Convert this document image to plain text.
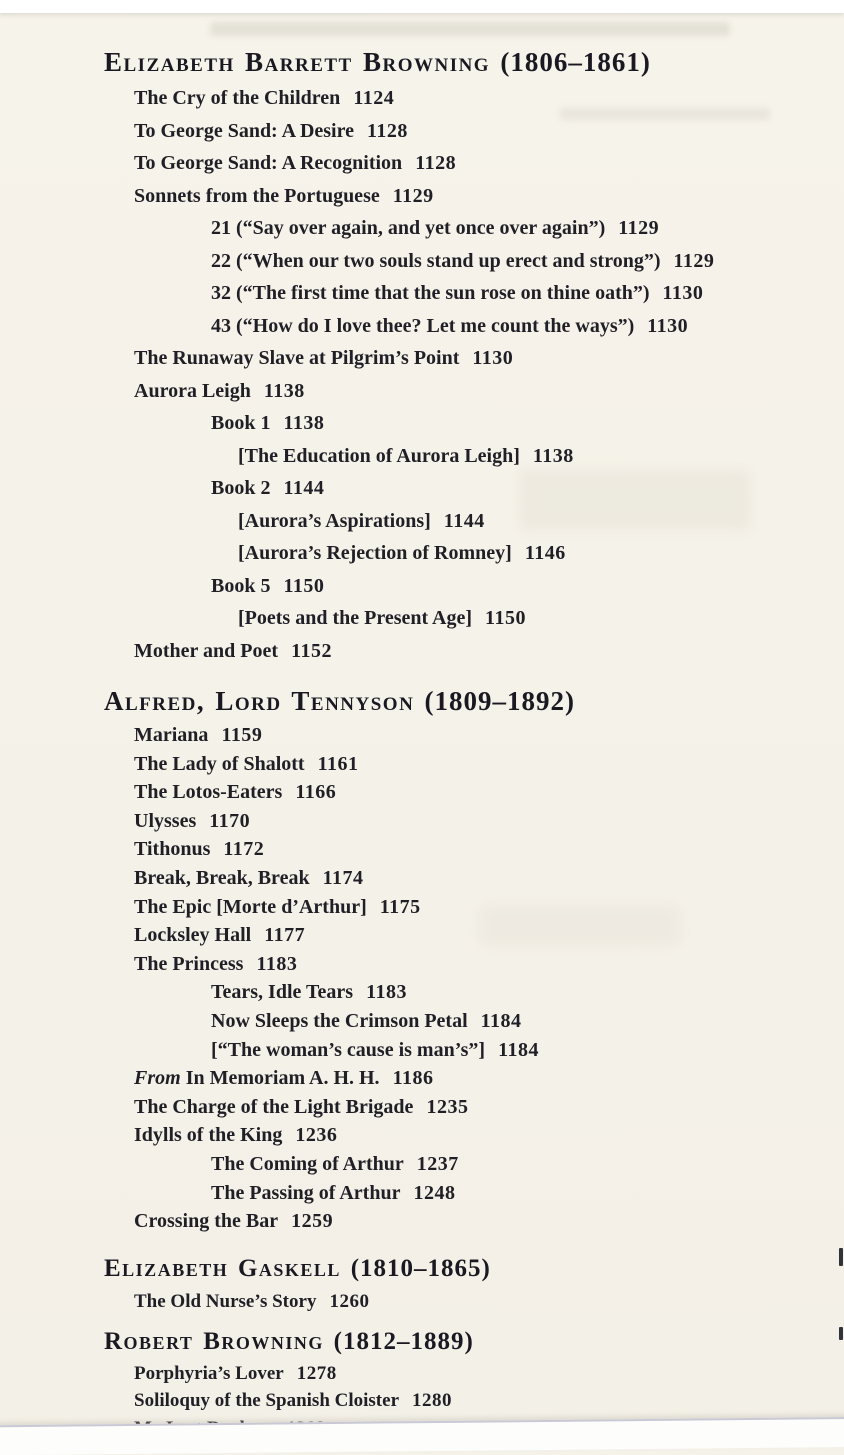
Elizabeth Barrett Browning (1806–1861)
The Cry of the Children 1124
To George Sand: A Desire 1128
To George Sand: A Recognition 1128
Sonnets from the Portuguese 1129
21 (“Say over again, and yet once over again”) 1129
22 (“When our two souls stand up erect and strong”) 1129
32 (“The first time that the sun rose on thine oath”) 1130
43 (“How do I love thee? Let me count the ways”) 1130
The Runaway Slave at Pilgrim’s Point 1130
Aurora Leigh 1138
Book 1 1138
[The Education of Aurora Leigh] 1138
Book 2 1144
[Aurora’s Aspirations] 1144
[Aurora’s Rejection of Romney] 1146
Book 5 1150
[Poets and the Present Age] 1150
Mother and Poet 1152
Alfred, Lord Tennyson (1809–1892)
Mariana 1159
The Lady of Shalott 1161
The Lotos-Eaters 1166
Ulysses 1170
Tithonus 1172
Break, Break, Break 1174
The Epic [Morte d’Arthur] 1175
Locksley Hall 1177
The Princess 1183
Tears, Idle Tears 1183
Now Sleeps the Crimson Petal 1184
[“The woman’s cause is man’s”] 1184
From In Memoriam A. H. H. 1186
The Charge of the Light Brigade 1235
Idylls of the King 1236
The Coming of Arthur 1237
The Passing of Arthur 1248
Crossing the Bar 1259
Elizabeth Gaskell (1810–1865)
The Old Nurse’s Story 1260
Robert Browning (1812–1889)
Porphyria’s Lover 1278
Soliloquy of the Spanish Cloister 1280
